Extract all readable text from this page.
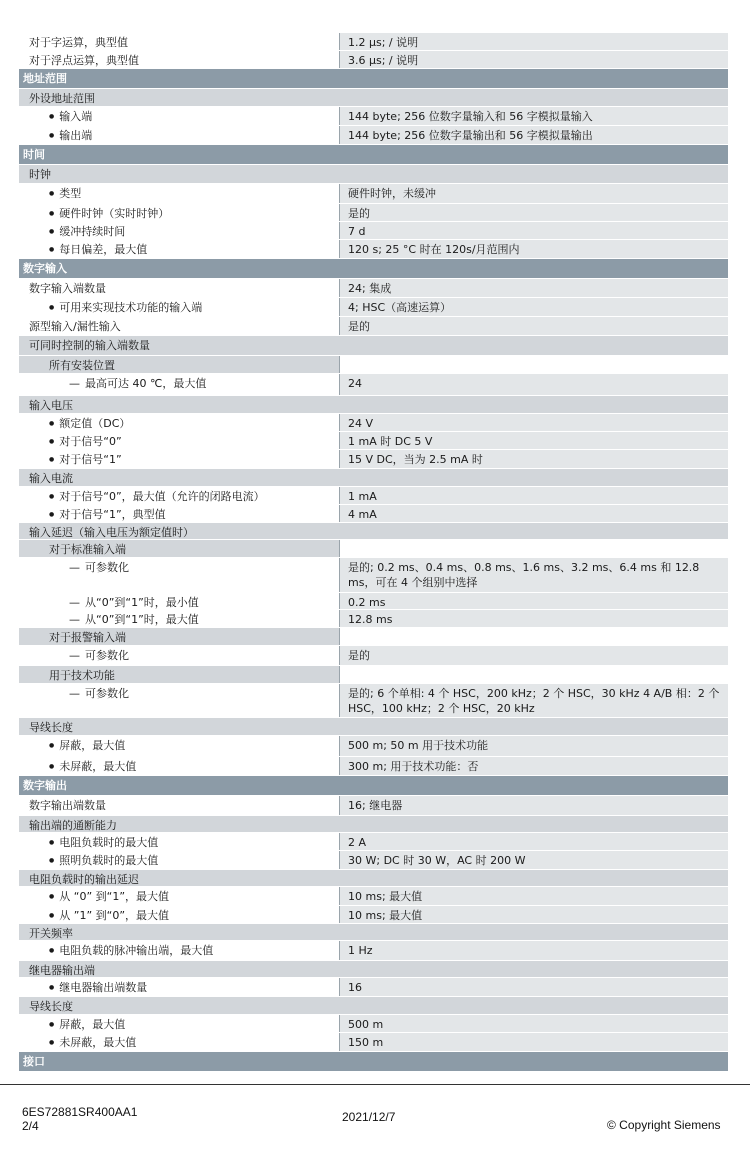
对于字运算，典型值	1.2 µs; / 说明
对于浮点运算，典型值	3.6 µs; / 说明
地址范围
外设地址范围
● 输入端	144 byte; 256 位数字量输入和 56 字模拟量输入
● 输出端	144 byte; 256 位数字量输出和 56 字模拟量输出
时间
时钟
● 类型	硬件时钟，未缓冲
● 硬件时钟（实时时钟）	是的
● 缓冲持续时间	7 d
● 每日偏差，最大值	120 s; 25 °C 时在 120s/月范围内
数字输入
数字输入端数量	24; 集成
● 可用来实现技术功能的输入端	4; HSC（高速运算）
源型输入/漏性输入	是的
可同时控制的输入端数量
所有安装位置
— 最高可达 40 ℃，最大值	24
输入电压
● 额定值（DC）	24 V
● 对于信号“0”	1 mA 时 DC 5 V
● 对于信号“1”	15 V DC，当为 2.5 mA 时
输入电流
● 对于信号“0”，最大值（允许的闭路电流）	1 mA
● 对于信号“1”，典型值	4 mA
输入延迟（输入电压为额定值时）
对于标准输入端
— 可参数化	是的; 0.2 ms、0.4 ms、0.8 ms、1.6 ms、3.2 ms、6.4 ms 和 12.8 ms，可在 4 个组别中选择
— 从“0”到“1”时，最小值	0.2 ms
— 从“0”到“1”时，最大值	12.8 ms
对于报警输入端
— 可参数化	是的
用于技术功能
— 可参数化	是的; 6 个单相: 4 个 HSC，200 kHz；2 个 HSC，30 kHz 4 A/B 相：2 个 HSC，100 kHz；2 个 HSC，20 kHz
导线长度
● 屏蔽，最大值	500 m; 50 m 用于技术功能
● 未屏蔽，最大值	300 m; 用于技术功能：否
数字输出
数字输出端数量	16; 继电器
输出端的通断能力
● 电阻负载时的最大值	2 A
● 照明负载时的最大值	30 W; DC 时 30 W，AC 时 200 W
电阻负载时的输出延迟
● 从 “0” 到“1”，最大值	10 ms; 最大值
● 从 ”1” 到“0”，最大值	10 ms; 最大值
开关频率
● 电阻负载的脉冲输出端，最大值	1 Hz
继电器输出端
● 继电器输出端数量	16
导线长度
● 屏蔽，最大值	500 m
● 未屏蔽，最大值	150 m
接口
6ES72881SR400AA1
2/4
2021/12/7
© Copyright Siemens
